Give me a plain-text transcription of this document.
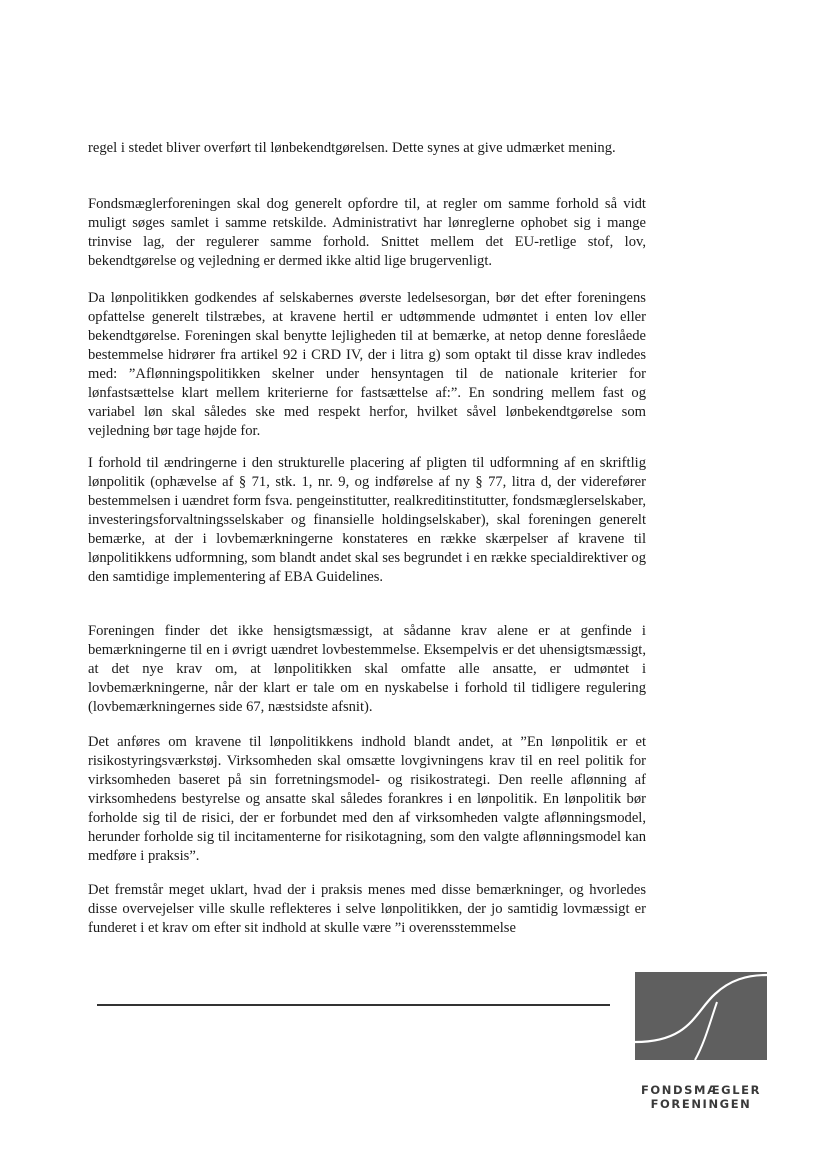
regel i stedet bliver overført til lønbekendtgørelsen. Dette synes at give udmærket mening.

Fondsmæglerforeningen skal dog generelt opfordre til, at regler om samme forhold så vidt muligt søges samlet i samme retskilde. Administrativt har lønreglerne ophobet sig i mange trinvise lag, der regulerer samme forhold. Snittet mellem det EU-retlige stof, lov, bekendtgørelse og vejledning er dermed ikke altid lige brugervenligt.

Da lønpolitikken godkendes af selskabernes øverste ledelsesorgan, bør det efter foreningens opfattelse generelt tilstræbes, at kravene hertil er udtømmende udmøntet i enten lov eller bekendtgørelse. Foreningen skal benytte lejligheden til at bemærke, at netop denne foreslåede bestemmelse hidrører fra artikel 92 i CRD IV, der i litra g) som optakt til disse krav indledes med: ”Aflønningspolitikken skelner under hensyntagen til de nationale kriterier for lønfastsættelse klart mellem kriterierne for fastsættelse af:”. En sondring mellem fast og variabel løn skal således ske med respekt herfor, hvilket såvel lønbekendtgørelse som vejledning bør tage højde for.

I forhold til ændringerne i den strukturelle placering af pligten til udformning af en skriftlig lønpolitik (ophævelse af § 71, stk. 1, nr. 9, og indførelse af ny § 77, litra d, der viderefører bestemmelsen i uændret form fsva. pengeinstitutter, realkreditinstitutter, fondsmæglerselskaber, investeringsforvaltningsselskaber og finansielle holdingselskaber), skal foreningen generelt bemærke, at der i lovbemærkningerne konstateres en række skærpelser af kravene til lønpolitikkens udformning, som blandt andet skal ses begrundet i en række specialdirektiver og den samtidige implementering af EBA Guidelines.

Foreningen finder det ikke hensigtsmæssigt, at sådanne krav alene er at genfinde i bemærkningerne til en i øvrigt uændret lovbestemmelse. Eksempelvis er det uhensigtsmæssigt, at det nye krav om, at lønpolitikken skal omfatte alle ansatte, er udmøntet i lovbemærkningerne, når der klart er tale om en nyskabelse i forhold til tidligere regulering (lovbemærkningernes side 67, næstsidste afsnit).

Det anføres om kravene til lønpolitikkens indhold blandt andet, at ”En lønpolitik er et risikostyringsværkstøj. Virksomheden skal omsætte lovgivningens krav til en reel politik for virksomheden baseret på sin forretningsmodel- og risikostrategi. Den reelle aflønning af virksomhedens bestyrelse og ansatte skal således forankres i en lønpolitik. En lønpolitik bør forholde sig til de risici, der er forbundet med den af virksomheden valgte aflønningsmodel, herunder forholde sig til incitamenterne for risikotagning, som den valgte aflønningsmodel kan medføre i praksis”.

Det fremstår meget uklart, hvad der i praksis menes med disse bemærkninger, og hvorledes disse overvejelser ville skulle reflekteres i selve lønpolitikken, der jo samtidig lovmæssigt er funderet i et krav om efter sit indhold at skulle være ”i overensstemmelse

FONDSMÆGLER
FORENINGEN
